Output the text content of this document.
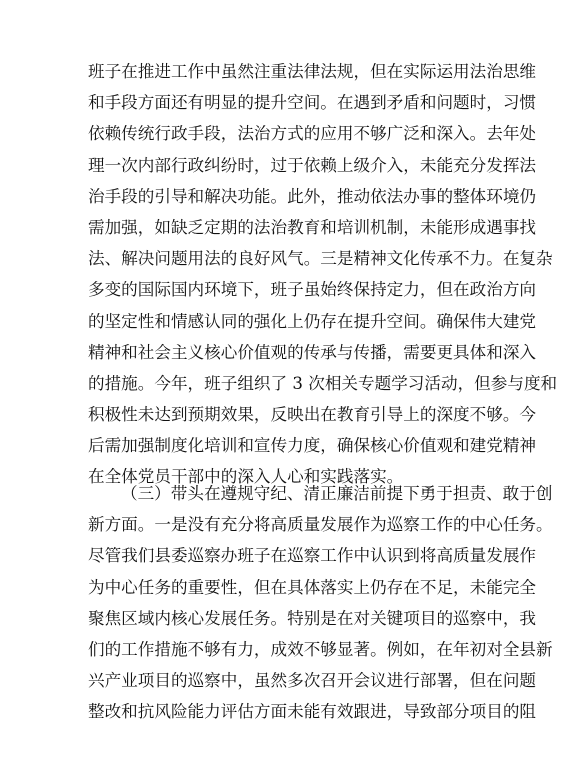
班子在推进工作中虽然注重法律法规，但在实际运用法治思维
和手段方面还有明显的提升空间。在遇到矛盾和问题时，习惯
依赖传统行政手段，法治方式的应用不够广泛和深入。去年处
理一次内部行政纠纷时，过于依赖上级介入，未能充分发挥法
治手段的引导和解决功能。此外，推动依法办事的整体环境仍
需加强，如缺乏定期的法治教育和培训机制，未能形成遇事找
法、解决问题用法的良好风气。三是精神文化传承不力。在复杂
多变的国际国内环境下，班子虽始终保持定力，但在政治方向
的坚定性和情感认同的强化上仍存在提升空间。确保伟大建党
精神和社会主义核心价值观的传承与传播，需要更具体和深入
的措施。今年，班子组织了 3 次相关专题学习活动，但参与度和
积极性未达到预期效果，反映出在教育引导上的深度不够。今
后需加强制度化培训和宣传力度，确保核心价值观和建党精神
在全体党员干部中的深入人心和实践落实。
（三）带头在遵规守纪、清正廉洁前提下勇于担责、敢于创
新方面。一是没有充分将高质量发展作为巡察工作的中心任务。
尽管我们县委巡察办班子在巡察工作中认识到将高质量发展作
为中心任务的重要性，但在具体落实上仍存在不足，未能完全
聚焦区域内核心发展任务。特别是在对关键项目的巡察中，我
们的工作措施不够有力，成效不够显著。例如，在年初对全县新
兴产业项目的巡察中，虽然多次召开会议进行部署，但在问题
整改和抗风险能力评估方面未能有效跟进，导致部分项目的阻
